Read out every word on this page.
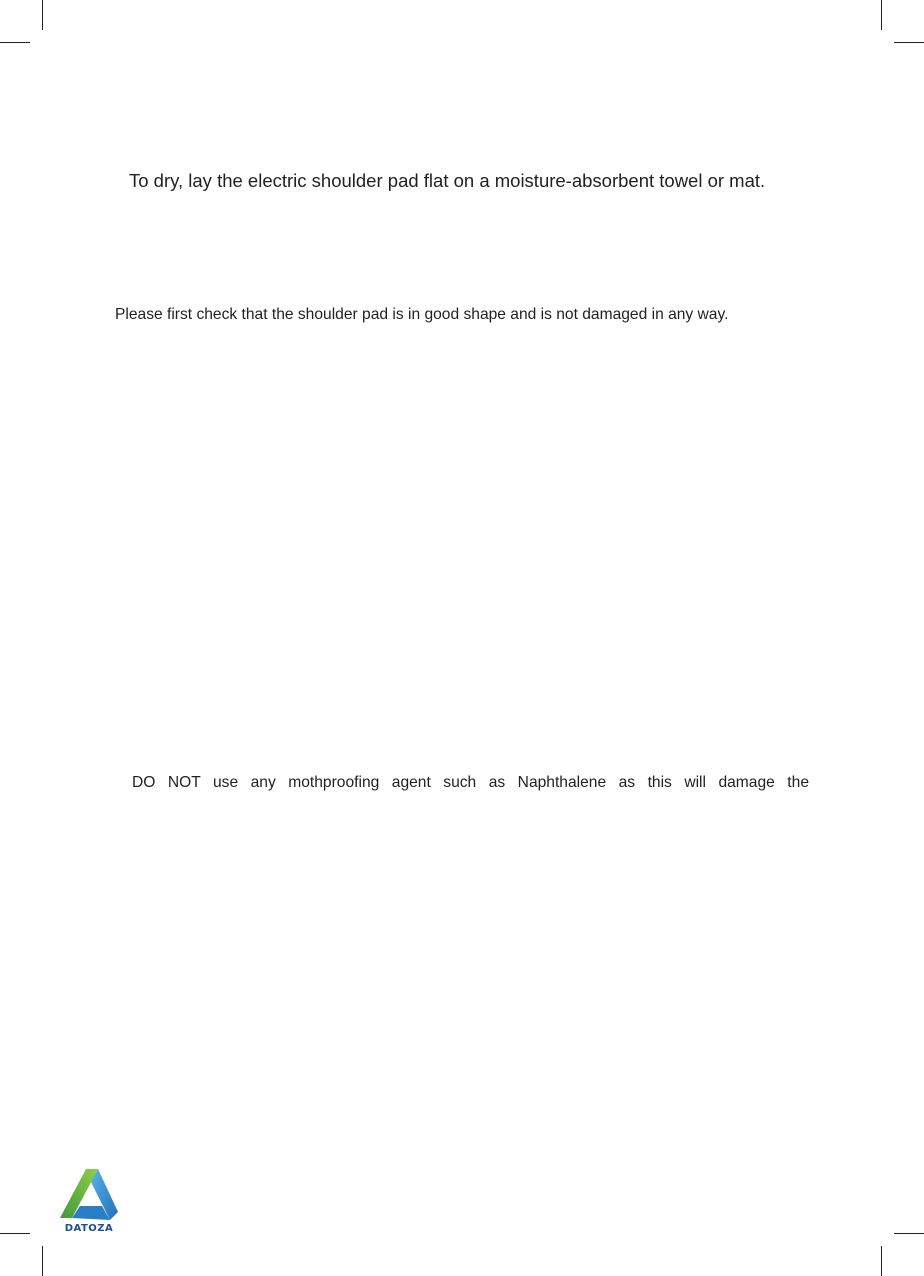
To dry, lay the electric shoulder pad flat on a moisture-absorbent towel or mat.

Please first check that the shoulder pad is in good shape and is not damaged in any way.

DO NOT use any mothproofing agent such as Naphthalene as this will damage the

DATOZA
